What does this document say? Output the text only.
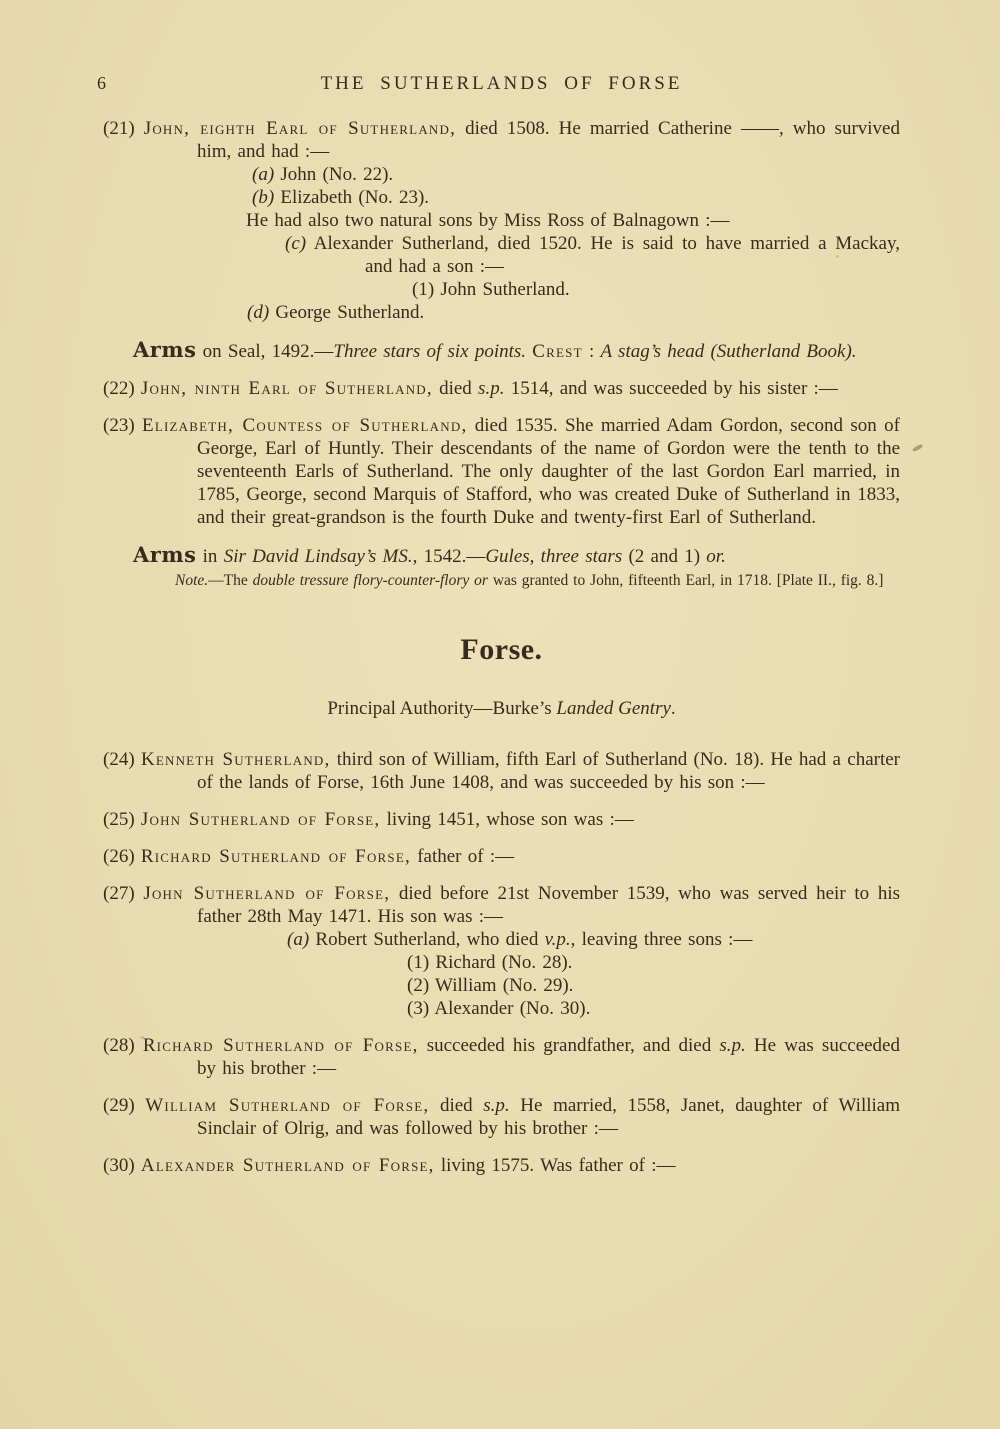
6	THE SUTHERLANDS OF FORSE

(21) John, eighth Earl of Sutherland, died 1508. He married Catherine ——, who survived him, and had :—

(a) John (No. 22).
(b) Elizabeth (No. 23).
He had also two natural sons by Miss Ross of Balnagown :—

(c) Alexander Sutherland, died 1520. He is said to have married a Mackay, and had a son :—

(1) John Sutherland.
(d) George Sutherland.

Arms on Seal, 1492.—Three stars of six points. Crest : A stag’s head (Sutherland Book).

(22) John, ninth Earl of Sutherland, died s.p. 1514, and was succeeded by his sister :—

(23) Elizabeth, Countess of Sutherland, died 1535. She married Adam Gordon, second son of George, Earl of Huntly. Their descendants of the name of Gordon were the tenth to the seventeenth Earls of Sutherland. The only daughter of the last Gordon Earl married, in 1785, George, second Marquis of Stafford, who was created Duke of Sutherland in 1833, and their great-grandson is the fourth Duke and twenty-first Earl of Sutherland.

Arms in Sir David Lindsay’s MS., 1542.—Gules, three stars (2 and 1) or.

Note.—The double tressure flory-counter-flory or was granted to John, fifteenth Earl, in 1718. [Plate II., fig. 8.]

Forse.

Principal Authority—Burke’s Landed Gentry.

(24) Kenneth Sutherland, third son of William, fifth Earl of Sutherland (No. 18). He had a charter of the lands of Forse, 16th June 1408, and was succeeded by his son :—

(25) John Sutherland of Forse, living 1451, whose son was :—

(26) Richard Sutherland of Forse, father of :—

(27) John Sutherland of Forse, died before 21st November 1539, who was served heir to his father 28th May 1471. His son was :—

(a) Robert Sutherland, who died v.p., leaving three sons :—
(1) Richard (No. 28).
(2) William (No. 29).
(3) Alexander (No. 30).

(28) Richard Sutherland of Forse, succeeded his grandfather, and died s.p. He was succeeded by his brother :—

(29) William Sutherland of Forse, died s.p. He married, 1558, Janet, daughter of William Sinclair of Olrig, and was followed by his brother :—

(30) Alexander Sutherland of Forse, living 1575. Was father of :—
